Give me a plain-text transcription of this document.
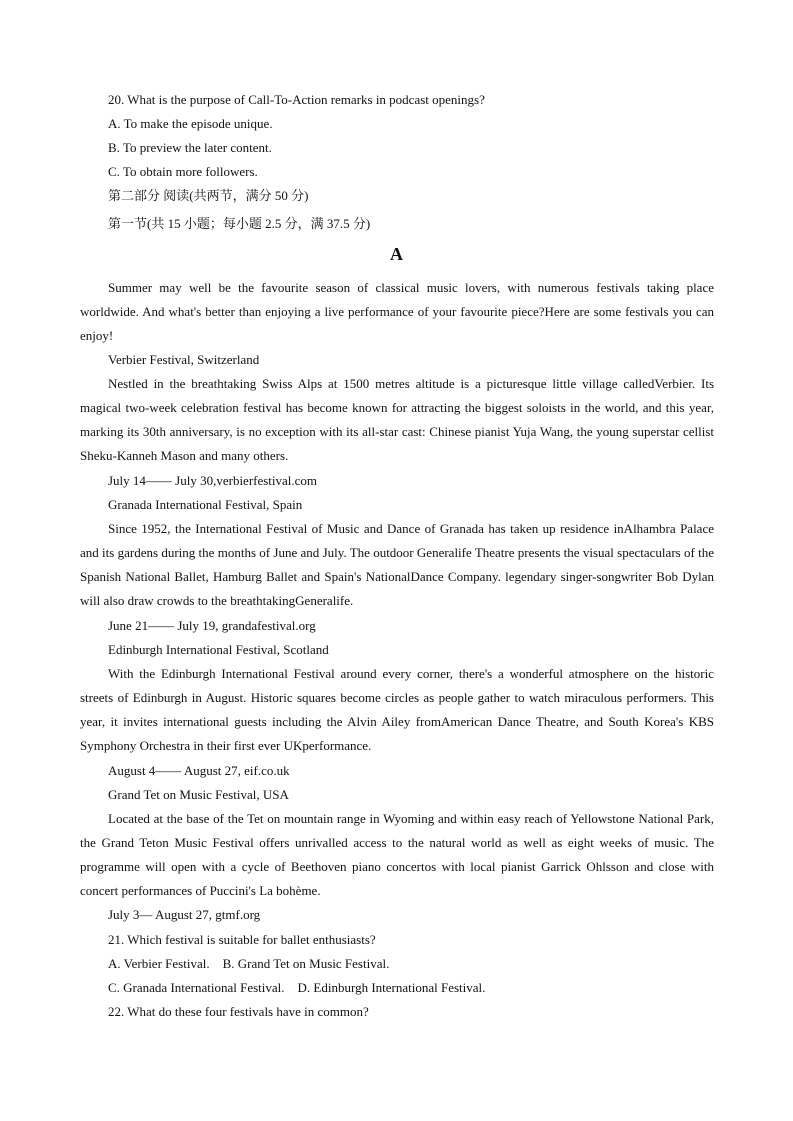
20. What is the purpose of Call-To-Action remarks in podcast openings?
A. To make the episode unique.
B. To preview the later content.
C. To obtain more followers.
第二部分 阅读(共两节，满分 50 分)
第一节(共 15 小题；每小题 2.5 分，满 37.5 分)
A
Summer may well be the favourite season of classical music lovers, with numerous festivals taking place worldwide. And what's better than enjoying a live performance of your favourite piece?Here are some festivals you can enjoy!
Verbier Festival, Switzerland
Nestled in the breathtaking Swiss Alps at 1500 metres altitude is a picturesque little village calledVerbier. Its magical two-week celebration festival has become known for attracting the biggest soloists in the world, and this year, marking its 30th anniversary, is no exception with its all-star cast: Chinese pianist Yuja Wang, the young superstar cellist Sheku-Kanneh Mason and many others.
July 14—— July 30,verbierfestival.com
Granada International Festival, Spain
Since 1952, the International Festival of Music and Dance of Granada has taken up residence inAlhambra Palace and its gardens during the months of June and July. The outdoor Generalife Theatre presents the visual spectaculars of the Spanish National Ballet, Hamburg Ballet and Spain's NationalDance Company. legendary singer-songwriter Bob Dylan will also draw crowds to the breathtakingGeneralife.
June 21—— July 19, grandafestival.org
Edinburgh International Festival, Scotland
With the Edinburgh International Festival around every corner, there's a wonderful atmosphere on the historic streets of Edinburgh in August. Historic squares become circles as people gather to watch miraculous performers. This year, it invites international guests including the Alvin Ailey fromAmerican Dance Theatre, and South Korea's KBS Symphony Orchestra in their first ever UKperformance.
August 4—— August 27, eif.co.uk
Grand Tet on Music Festival, USA
Located at the base of the Tet on mountain range in Wyoming and within easy reach of Yellowstone National Park, the Grand Teton Music Festival offers unrivalled access to the natural world as well as eight weeks of music. The programme will open with a cycle of Beethoven piano concertos with local pianist Garrick Ohlsson and close with concert performances of Puccini's La bohème.
July 3— August 27, gtmf.org
21. Which festival is suitable for ballet enthusiasts?
A. Verbier Festival.    B. Grand Tet on Music Festival.
C. Granada International Festival.    D. Edinburgh International Festival.
22. What do these four festivals have in common?
